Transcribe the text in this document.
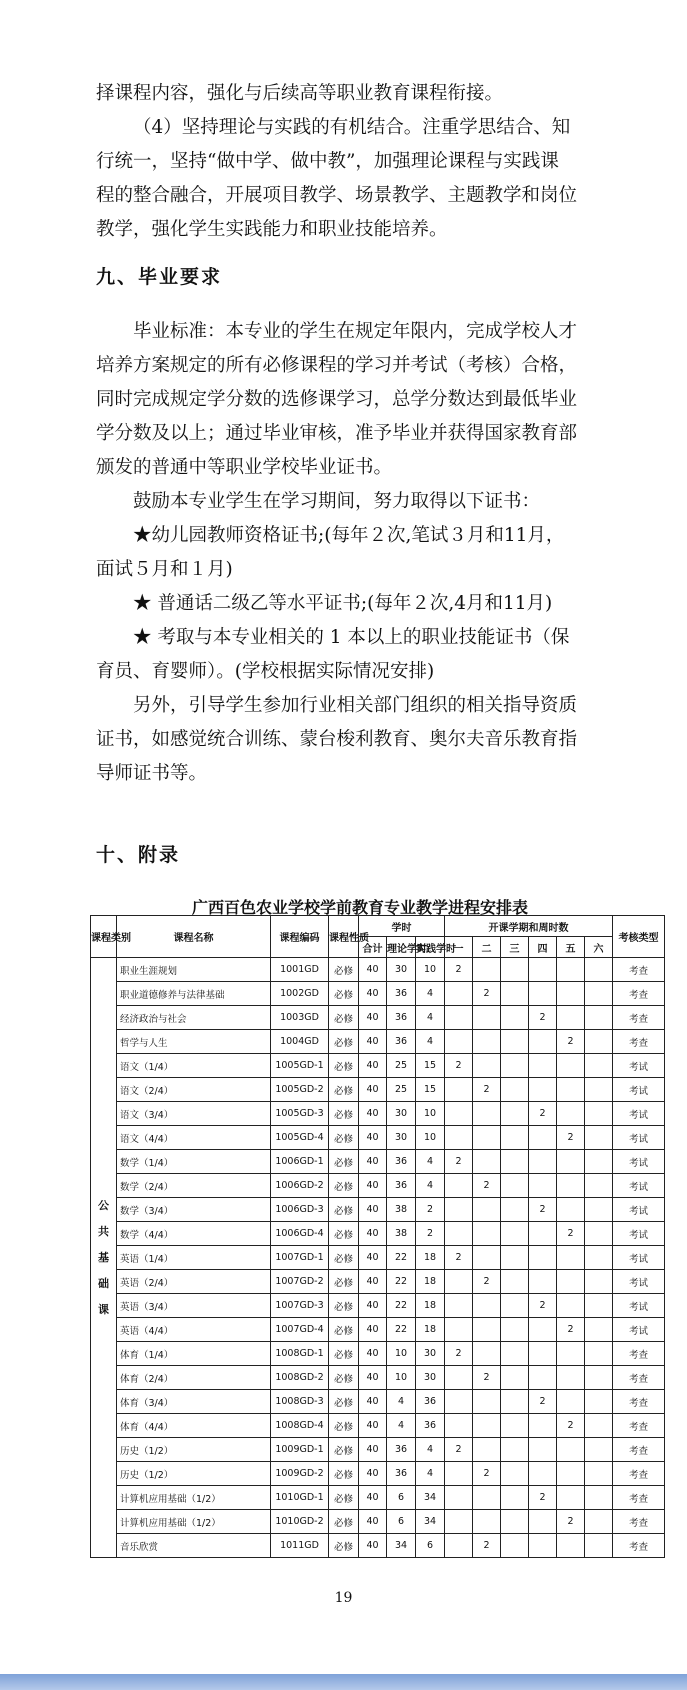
择课程内容，强化与后续高等职业教育课程衔接。
（4）坚持理论与实践的有机结合。注重学思结合、知
行统一，坚持“做中学、做中教”，加强理论课程与实践课
程的整合融合，开展项目教学、场景教学、主题教学和岗位
教学，强化学生实践能力和职业技能培养。
九、毕业要求
毕业标准：本专业的学生在规定年限内，完成学校人才
培养方案规定的所有必修课程的学习并考试（考核）合格，
同时完成规定学分数的选修课学习，总学分数达到最低毕业
学分数及以上；通过毕业审核，准予毕业并获得国家教育部
颁发的普通中等职业学校毕业证书。
鼓励本专业学生在学习期间，努力取得以下证书：
★幼儿园教师资格证书;(每年２次,笔试３月和11月，
面试５月和１月)
★ 普通话二级乙等水平证书;(每年２次,4月和11月)
★ 考取与本专业相关的 1 本以上的职业技能证书（保
育员、育婴师）。(学校根据实际情况安排)
另外，引导学生参加行业相关部门组织的相关指导资质
证书，如感觉统合训练、蒙台梭利教育、奥尔夫音乐教育指
导师证书等。
十、附录
广西百色农业学校学前教育专业教学进程安排表
课程类别	课程名称	课程编码	课程性质	学时			开课学期和周时数						考核类型
				合计	理论学时	实践学时	一	二	三	四	五	六	
公共基础课	职业生涯规划	1001GD	必修	40	30	10	2						考查
	职业道德修养与法律基础	1002GD	必修	40	36	4		2					考查
	经济政治与社会	1003GD	必修	40	36	4				2			考查
	哲学与人生	1004GD	必修	40	36	4					2		考查
	语文（1/4）	1005GD-1	必修	40	25	15	2						考试
	语文（2/4）	1005GD-2	必修	40	25	15		2					考试
	语文（3/4）	1005GD-3	必修	40	30	10				2			考试
	语文（4/4）	1005GD-4	必修	40	30	10					2		考试
	数学（1/4）	1006GD-1	必修	40	36	4	2						考试
	数学（2/4）	1006GD-2	必修	40	36	4		2					考试
	数学（3/4）	1006GD-3	必修	40	38	2				2			考试
	数学（4/4）	1006GD-4	必修	40	38	2					2		考试
	英语（1/4）	1007GD-1	必修	40	22	18	2						考试
	英语（2/4）	1007GD-2	必修	40	22	18		2					考试
	英语（3/4）	1007GD-3	必修	40	22	18				2			考试
	英语（4/4）	1007GD-4	必修	40	22	18					2		考试
	体育（1/4）	1008GD-1	必修	40	10	30	2						考查
	体育（2/4）	1008GD-2	必修	40	10	30		2					考查
	体育（3/4）	1008GD-3	必修	40	4	36				2			考查
	体育（4/4）	1008GD-4	必修	40	4	36					2		考查
	历史（1/2）	1009GD-1	必修	40	36	4	2						考查
	历史（1/2）	1009GD-2	必修	40	36	4		2					考查
	计算机应用基础（1/2）	1010GD-1	必修	40	6	34				2			考查
	计算机应用基础（1/2）	1010GD-2	必修	40	6	34					2		考查
	音乐欣赏	1011GD	必修	40	34	6		2					考查
19
